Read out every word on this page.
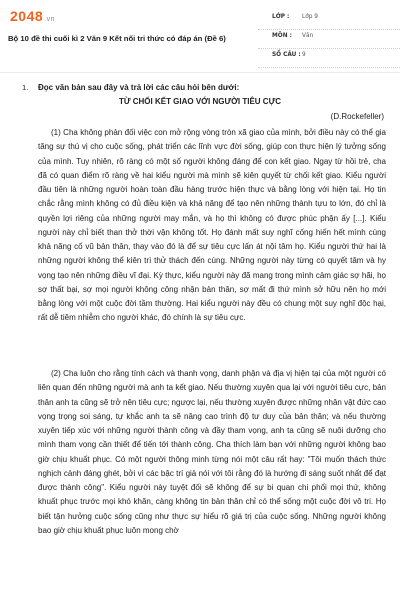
2048.vn
Bộ 10 đề thi cuối kì 2 Văn 9 Kết nối tri thức có đáp án (Đề 6)
LỚP : Lớp 9
MÔN : Văn
SỐ CÂU : 9
1. Đọc văn bản sau đây và trả lời các câu hỏi bên dưới:
TỪ CHỐI KẾT GIAO VỚI NGƯỜI TIÊU CỰC
(D.Rockefeller)

(1) Cha không phản đối việc con mở rộng vòng tròn xã giao của mình, bởi điều này có thể gia tăng sự thú vị cho cuộc sống, phát triển các lĩnh vực đời sống, giúp con thực hiện lý tưởng sống của mình. Tuy nhiên, rõ ràng có một số người không đáng để con kết giao. Ngay từ hồi trẻ, cha đã có quan điểm rõ ràng về hai kiểu người mà mình sẽ kiên quyết từ chối kết giao. Kiểu người đầu tiên là những người hoàn toàn đầu hàng trước hiện thực và bằng lòng với hiện tại. Họ tin chắc rằng mình không có đủ điều kiện và khả năng để tạo nên những thành tựu to lớn, đó chỉ là quyền lợi riêng của những người may mắn, và họ thì không có được phúc phận ấy [...]. Kiểu người này chỉ biết than thở thời vận không tốt. Họ đánh mất suy nghĩ cống hiến hết mình cùng khả năng cố vũ bản thân, thay vào đó là để sự tiêu cực lấn át nội tâm họ. Kiểu người thứ hai là những người không thể kiên trì thử thách đến cùng. Những người này từng có quyết tâm và hy vọng tạo nên những điều vĩ đại. Kỳ thực, kiểu người này đã mang trong mình cảm giác sợ hãi, họ sợ thất bại, sợ mọi người không công nhận bản thân, sợ mất đi thứ mình sở hữu nên họ mới bằng lòng với một cuộc đời tầm thường. Hai kiểu người này đều có chung một suy nghĩ độc hại, rất dễ tiêm nhiễm cho người khác, đó chính là sự tiêu cực.

(2) Cha luôn cho rằng tính cách và thanh vọng, danh phận và địa vị hiện tại của một người có liên quan đến những người mà anh ta kết giao. Nếu thường xuyên qua lại với người tiêu cực, bản thân anh ta cũng sẽ trở nên tiêu cực; ngược lại, nếu thường xuyên được những nhân vật đức cao vọng trọng soi sáng, tự khắc anh ta sẽ nâng cao trình độ tư duy của bản thân; và nếu thường xuyên tiếp xúc với những người thành công và đầy tham vọng, anh ta cũng sẽ nuôi dưỡng cho mình tham vọng cần thiết để tiến tới thành công. Cha thích làm bạn với những người không bao giờ chịu khuất phục. Có một người thông minh từng nói một câu rất hay: "Tôi muốn thách thức nghịch cảnh đáng ghét, bởi vì các bậc trí giả nói với tôi rằng đó là hướng đi sáng suốt nhất để đạt được thành công". Kiểu người này tuyệt đối sẽ không để sự bi quan chi phối mọi thứ, không khuất phục trước mọi khó khăn, càng không tin bản thân chỉ có thể sống một cuộc đời vô tri. Họ biết tận hưởng cuộc sống cũng như thực sự hiểu rõ giá trị của cuộc sống. Những người không bao giờ chịu khuất phục luôn mong chờ
